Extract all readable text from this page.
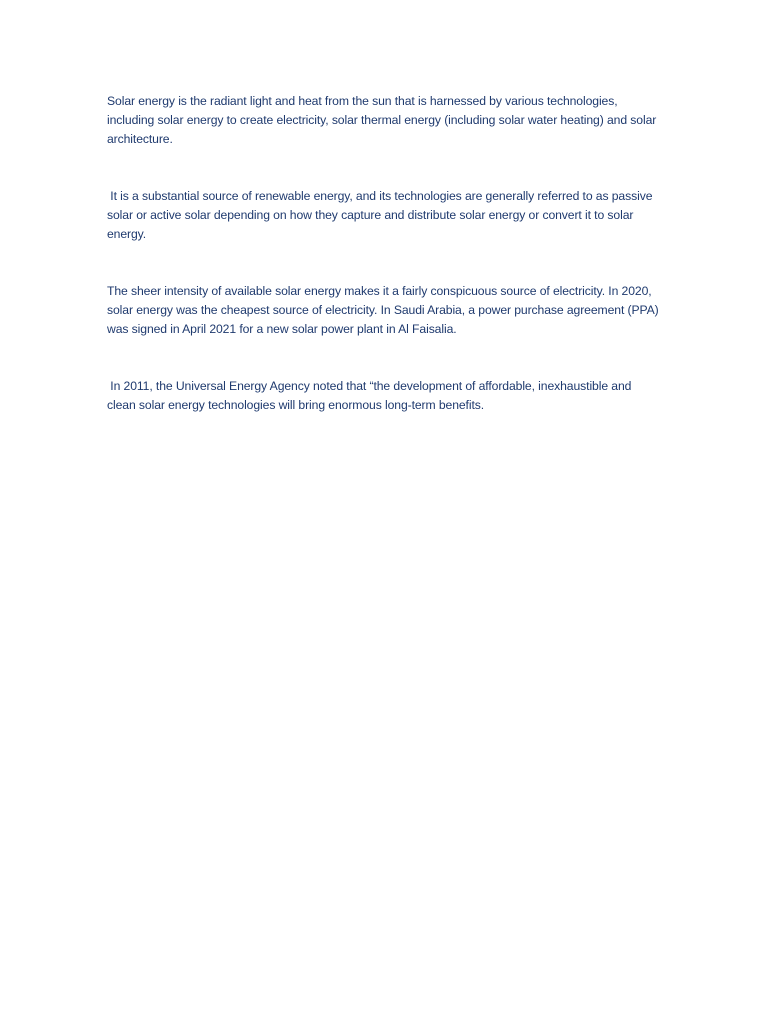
Solar energy is the radiant light and heat from the sun that is harnessed by various technologies, including solar energy to create electricity, solar thermal energy (including solar water heating) and solar architecture.

It is a substantial source of renewable energy, and its technologies are generally referred to as passive solar or active solar depending on how they capture and distribute solar energy or convert it to solar energy.

The sheer intensity of available solar energy makes it a fairly conspicuous source of electricity. In 2020, solar energy was the cheapest source of electricity. In Saudi Arabia, a power purchase agreement (PPA) was signed in April 2021 for a new solar power plant in Al Faisalia.

In 2011, the Universal Energy Agency noted that “the development of affordable, inexhaustible and clean solar energy technologies will bring enormous long-term benefits.
